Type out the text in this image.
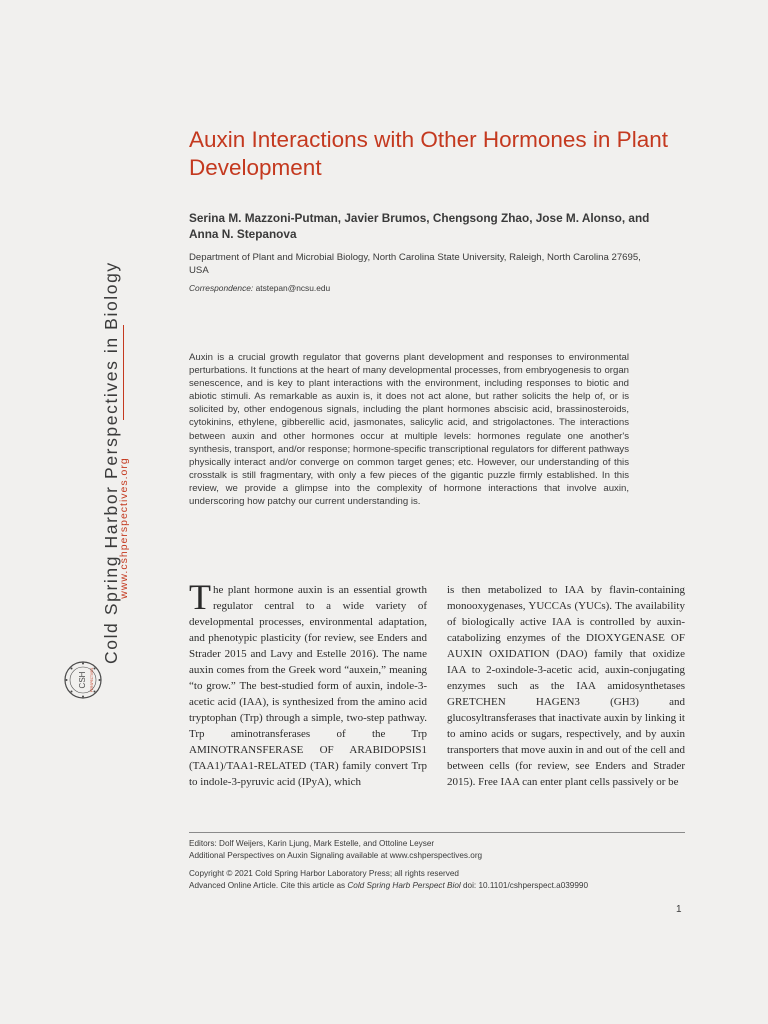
Cold Spring Harbor Perspectives in Biology
www.cshperspectives.org
CSH PERSPECTIVES
Auxin Interactions with Other Hormones in Plant Development
Serina M. Mazzoni-Putman, Javier Brumos, Chengsong Zhao, Jose M. Alonso, and Anna N. Stepanova
Department of Plant and Microbial Biology, North Carolina State University, Raleigh, North Carolina 27695, USA
Correspondence: atstepan@ncsu.edu

Auxin is a crucial growth regulator that governs plant development and responses to environmental perturbations. It functions at the heart of many developmental processes, from embryogenesis to organ senescence, and is key to plant interactions with the environment, including responses to biotic and abiotic stimuli. As remarkable as auxin is, it does not act alone, but rather solicits the help of, or is solicited by, other endogenous signals, including the plant hormones abscisic acid, brassinosteroids, cytokinins, ethylene, gibberellic acid, jasmonates, salicylic acid, and strigolactones. The interactions between auxin and other hormones occur at multiple levels: hormones regulate one another's synthesis, transport, and/or response; hormone-specific transcriptional regulators for different pathways physically interact and/or converge on common target genes; etc. However, our understanding of this crosstalk is still fragmentary, with only a few pieces of the gigantic puzzle firmly established. In this review, we provide a glimpse into the complexity of hormone interactions that involve auxin, underscoring how patchy our current understanding is.

The plant hormone auxin is an essential growth regulator central to a wide variety of developmental processes, environmental adaptation, and phenotypic plasticity (for review, see Enders and Strader 2015 and Lavy and Estelle 2016). The name auxin comes from the Greek word “auxein,” meaning “to grow.” The best-studied form of auxin, indole-3-acetic acid (IAA), is synthesized from the amino acid tryptophan (Trp) through a simple, two-step pathway. Trp aminotransferases of the Trp AMINOTRANSFERASE OF ARABIDOPSIS1 (TAA1)/TAA1-RELATED (TAR) family convert Trp to indole-3-pyruvic acid (IPyA), which

is then metabolized to IAA by flavin-containing monooxygenases, YUCCAs (YUCs). The availability of biologically active IAA is controlled by auxin-catabolizing enzymes of the DIOXYGENASE OF AUXIN OXIDATION (DAO) family that oxidize IAA to 2-oxindole-3-acetic acid, auxin-conjugating enzymes such as the IAA amidosynthetases GRETCHEN HAGEN3 (GH3) and glucosyltransferases that inactivate auxin by linking it to amino acids or sugars, respectively, and by auxin transporters that move auxin in and out of the cell and between cells (for review, see Enders and Strader 2015). Free IAA can enter plant cells passively or be

Editors: Dolf Weijers, Karin Ljung, Mark Estelle, and Ottoline Leyser
Additional Perspectives on Auxin Signaling available at www.cshperspectives.org
Copyright © 2021 Cold Spring Harbor Laboratory Press; all rights reserved
Advanced Online Article. Cite this article as Cold Spring Harb Perspect Biol doi: 10.1101/cshperspect.a039990
1
